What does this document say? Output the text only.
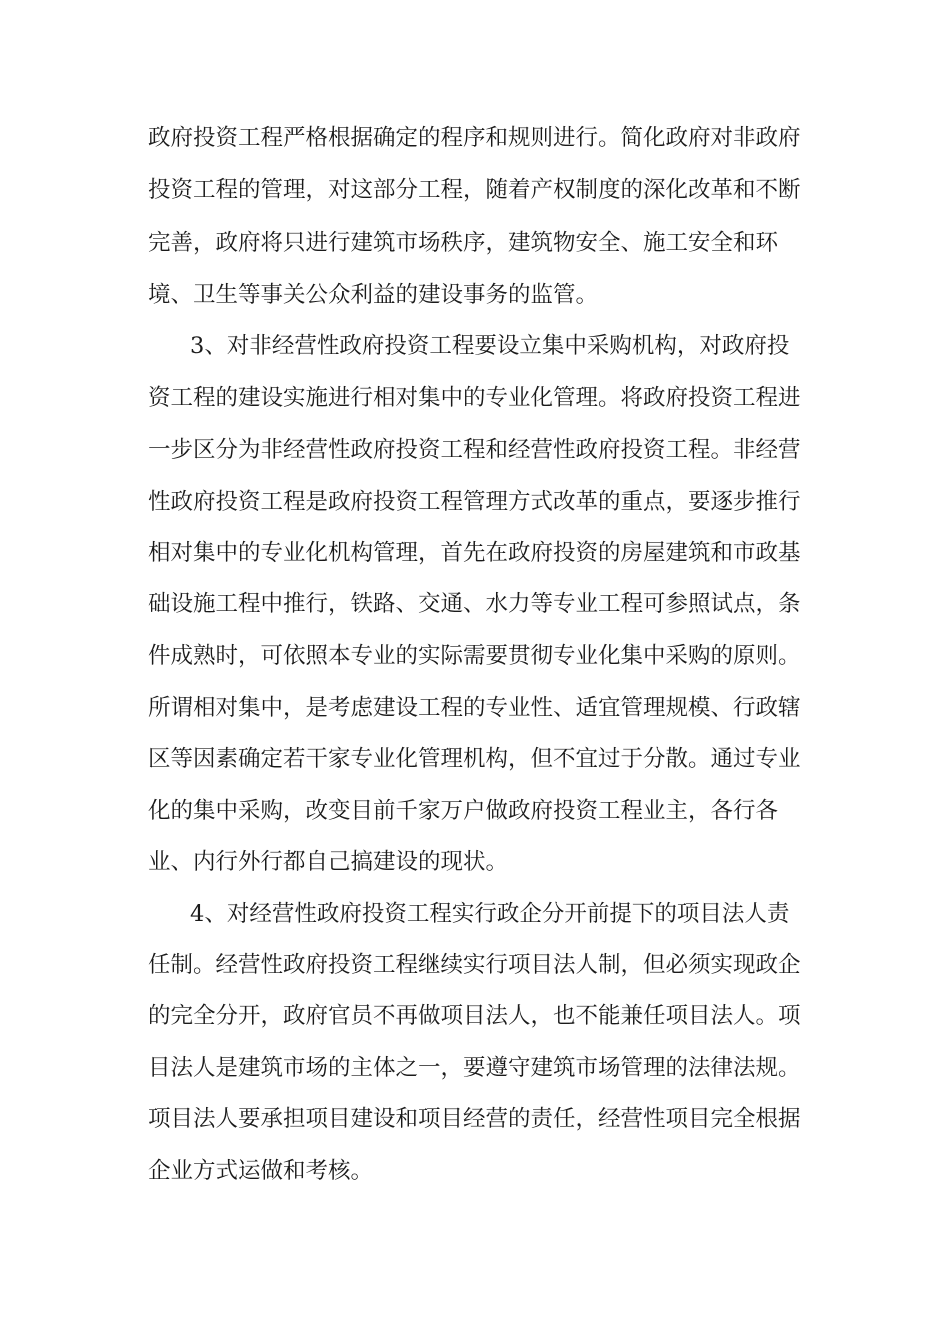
政府投资工程严格根据确定的程序和规则进行。简化政府对非政府
投资工程的管理，对这部分工程，随着产权制度的深化改革和不断
完善，政府将只进行建筑市场秩序，建筑物安全、施工安全和环
境、卫生等事关公众利益的建设事务的监管。
3、对非经营性政府投资工程要设立集中采购机构，对政府投
资工程的建设实施进行相对集中的专业化管理。将政府投资工程进
一步区分为非经营性政府投资工程和经营性政府投资工程。非经营
性政府投资工程是政府投资工程管理方式改革的重点，要逐步推行
相对集中的专业化机构管理，首先在政府投资的房屋建筑和市政基
础设施工程中推行，铁路、交通、水力等专业工程可参照试点，条
件成熟时，可依照本专业的实际需要贯彻专业化集中采购的原则。
所谓相对集中，是考虑建设工程的专业性、适宜管理规模、行政辖
区等因素确定若干家专业化管理机构，但不宜过于分散。通过专业
化的集中采购，改变目前千家万户做政府投资工程业主，各行各
业、内行外行都自己搞建设的现状。
4、对经营性政府投资工程实行政企分开前提下的项目法人责
任制。经营性政府投资工程继续实行项目法人制，但必须实现政企
的完全分开，政府官员不再做项目法人，也不能兼任项目法人。项
目法人是建筑市场的主体之一，要遵守建筑市场管理的法律法规。
项目法人要承担项目建设和项目经营的责任，经营性项目完全根据
企业方式运做和考核。
